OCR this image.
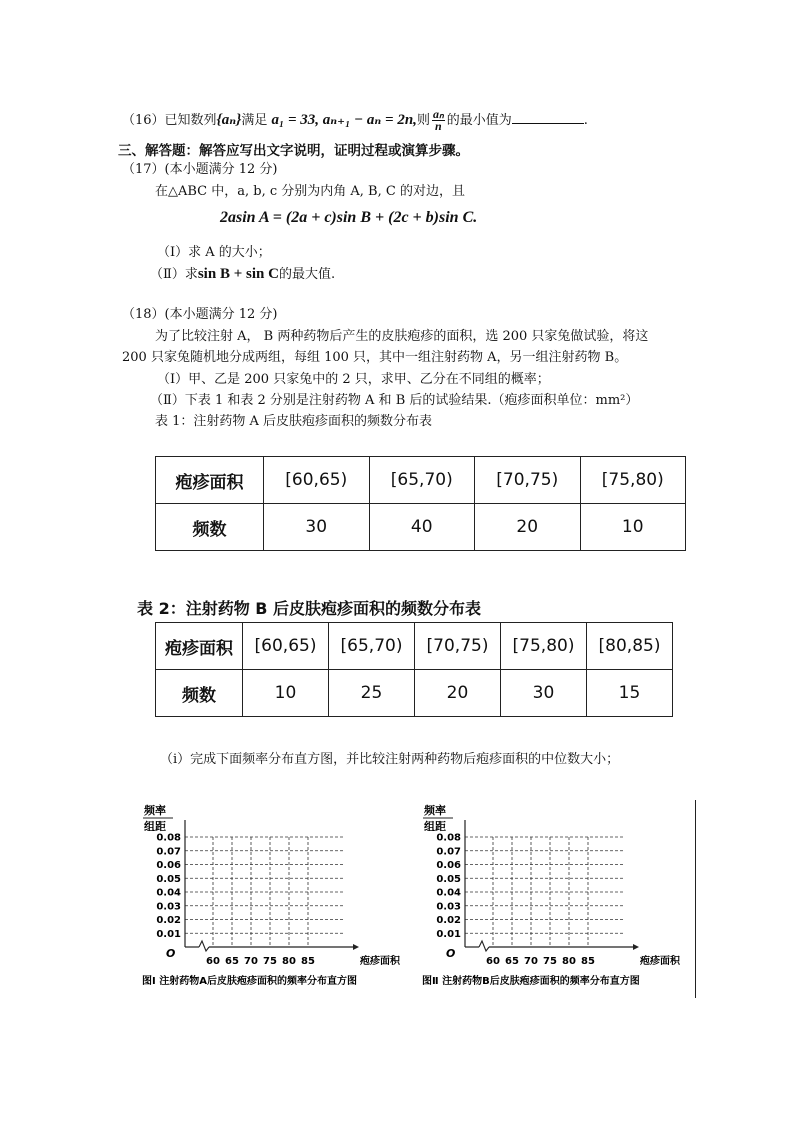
（16）已知数列{aₙ}满足 a₁ = 33, aₙ₊₁ − aₙ = 2n,则 $\frac{\text{aₙ}}{n}$ 的最小值为	.
三、解答题：解答应写出文字说明，证明过程或演算步骤。
（17）(本小题满分 12 分)
在△ABC 中，a, b, c 分别为内角 A, B, C 的对边，且
2asin A = (2a + c)sin B + (2c + b)sin C.
（Ⅰ）求 A 的大小；
（Ⅱ）求sin B + sin C的最大值.
（18）(本小题满分 12 分)
为了比较注射 A， B 两种药物后产生的皮肤疱疹的面积，选 200 只家兔做试验，将这
200 只家兔随机地分成两组，每组 100 只，其中一组注射药物 A，另一组注射药物 B。
（Ⅰ）甲、乙是 200 只家兔中的 2 只，求甲、乙分在不同组的概率；
（Ⅱ）下表 1 和表 2 分别是注射药物 A 和 B 后的试验结果.（疱疹面积单位：mm²）
表 1：注射药物 A 后皮肤疱疹面积的频数分布表
疱疹面积	[60,65)	[65,70)	[70,75)	[75,80)
频数	30	40	20	10
表 2：注射药物 B 后皮肤疱疹面积的频数分布表
疱疹面积	[60,65)	[65,70)	[70,75)	[75,80)	[80,85)
频数	10	25	20	30	15
（ⅰ）完成下面频率分布直方图，并比较注射两种药物后疱疹面积的中位数大小；
频率
组距
0.01
0.02
0.03
0.04
0.05
0.06
0.07
0.08
60 65 70 75 80 85
O
疱疹面积
图Ⅰ 注射药物A后皮肤疱疹面积的频率分布直方图
频率
组距
0.01
0.02
0.03
0.04
0.05
0.06
0.07
0.08
60 65 70 75 80 85
O
疱疹面积
图Ⅱ 注射药物B后皮肤疱疹面积的频率分布直方图
